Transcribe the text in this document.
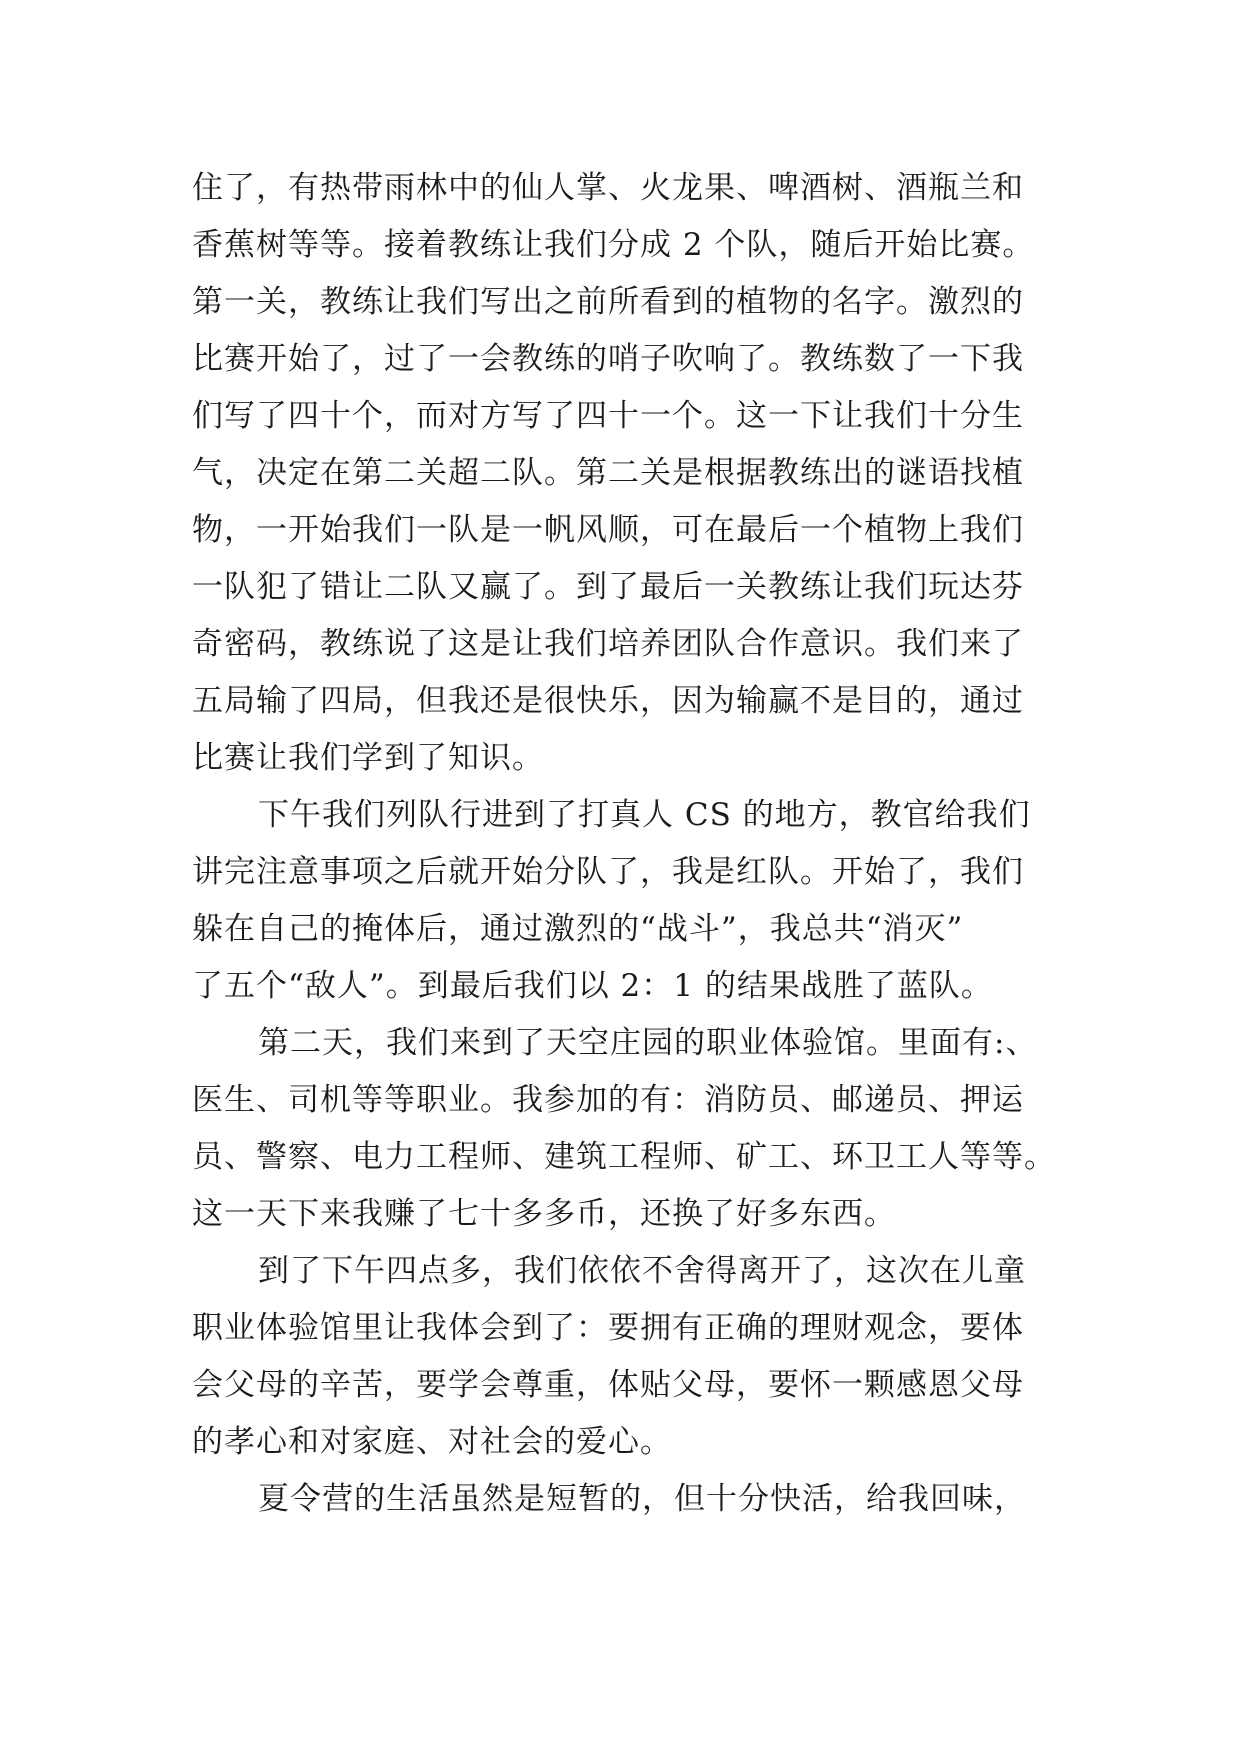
住了，有热带雨林中的仙人掌、火龙果、啤酒树、酒瓶兰和
香蕉树等等。接着教练让我们分成 2 个队，随后开始比赛。
第一关，教练让我们写出之前所看到的植物的名字。激烈的
比赛开始了，过了一会教练的哨子吹响了。教练数了一下我
们写了四十个，而对方写了四十一个。这一下让我们十分生
气，决定在第二关超二队。第二关是根据教练出的谜语找植
物，一开始我们一队是一帆风顺，可在最后一个植物上我们
一队犯了错让二队又赢了。到了最后一关教练让我们玩达芬
奇密码，教练说了这是让我们培养团队合作意识。我们来了
五局输了四局，但我还是很快乐，因为输赢不是目的，通过
比赛让我们学到了知识。
下午我们列队行进到了打真人 CS 的地方，教官给我们
讲完注意事项之后就开始分队了，我是红队。开始了，我们
躲在自己的掩体后，通过激烈的“战斗”，我总共“消灭”
了五个“敌人”。到最后我们以 2：1 的结果战胜了蓝队。
第二天，我们来到了天空庄园的职业体验馆。里面有:、
医生、司机等等职业。我参加的有：消防员、邮递员、押运
员、警察、电力工程师、建筑工程师、矿工、环卫工人等等。
这一天下来我赚了七十多多币，还换了好多东西。
到了下午四点多，我们依依不舍得离开了，这次在儿童
职业体验馆里让我体会到了：要拥有正确的理财观念，要体
会父母的辛苦，要学会尊重，体贴父母，要怀一颗感恩父母
的孝心和对家庭、对社会的爱心。
夏令营的生活虽然是短暂的，但十分快活，给我回味，
